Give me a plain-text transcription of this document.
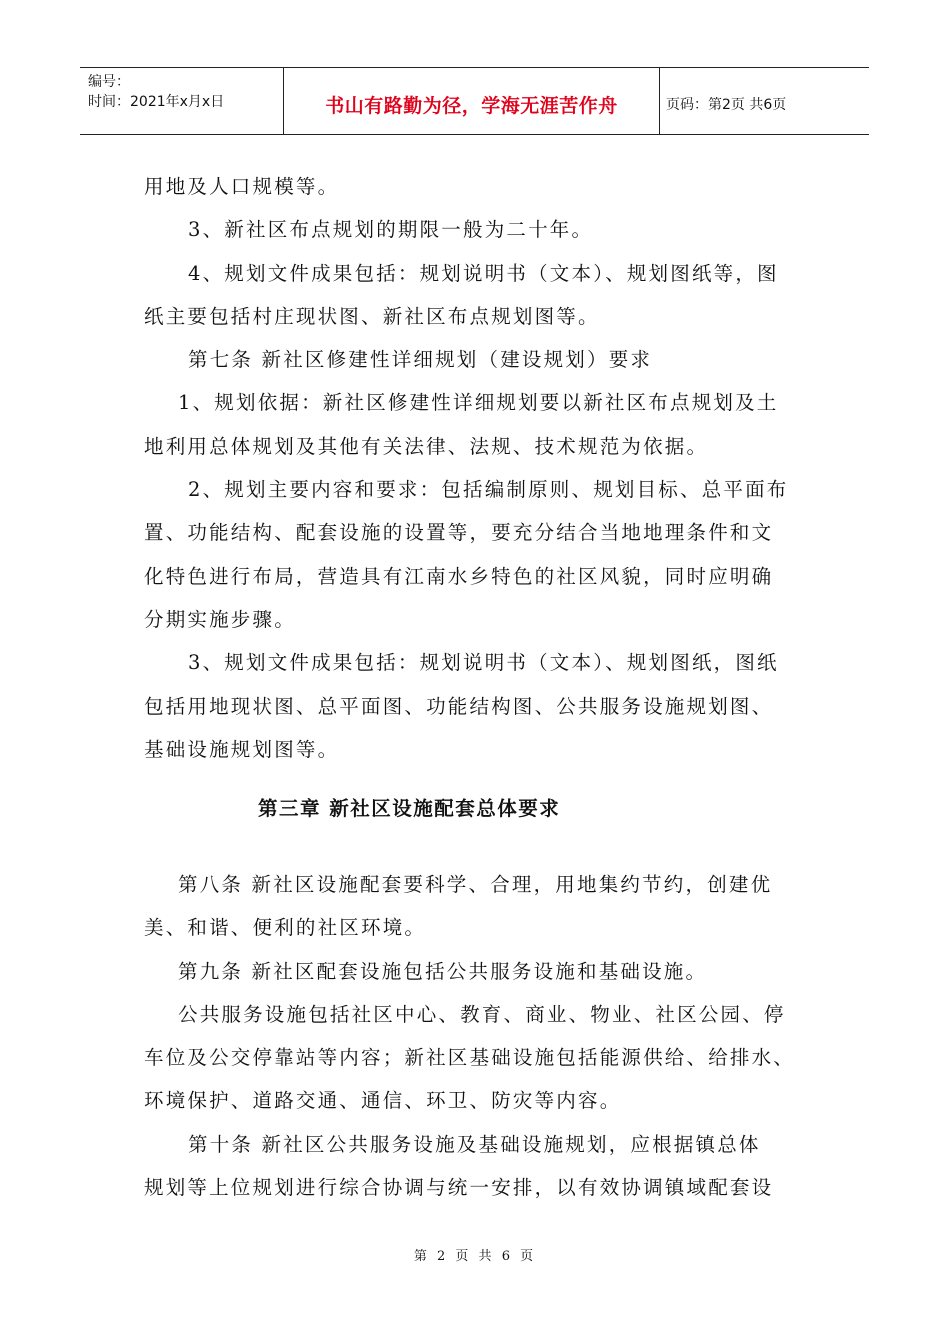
编号：
时间：2021年x月x日	书山有路勤为径，学海无涯苦作舟	页码：第2页 共6页
用地及人口规模等。
3、新社区布点规划的期限一般为二十年。
4、规划文件成果包括：规划说明书（文本）、规划图纸等，图
纸主要包括村庄现状图、新社区布点规划图等。
第七条 新社区修建性详细规划（建设规划）要求
1、规划依据：新社区修建性详细规划要以新社区布点规划及土
地利用总体规划及其他有关法律、法规、技术规范为依据。
2、规划主要内容和要求：包括编制原则、规划目标、总平面布
置、功能结构、配套设施的设置等，要充分结合当地地理条件和文
化特色进行布局，营造具有江南水乡特色的社区风貌，同时应明确
分期实施步骤。
3、规划文件成果包括：规划说明书（文本）、规划图纸，图纸
包括用地现状图、总平面图、功能结构图、公共服务设施规划图、
基础设施规划图等。
第三章 新社区设施配套总体要求
第八条 新社区设施配套要科学、合理，用地集约节约，创建优
美、和谐、便利的社区环境。
第九条 新社区配套设施包括公共服务设施和基础设施。
公共服务设施包括社区中心、教育、商业、物业、社区公园、停
车位及公交停靠站等内容；新社区基础设施包括能源供给、给排水、
环境保护、道路交通、通信、环卫、防灾等内容。
第十条 新社区公共服务设施及基础设施规划，应根据镇总体
规划等上位规划进行综合协调与统一安排，以有效协调镇域配套设
第 2 页 共 6 页
